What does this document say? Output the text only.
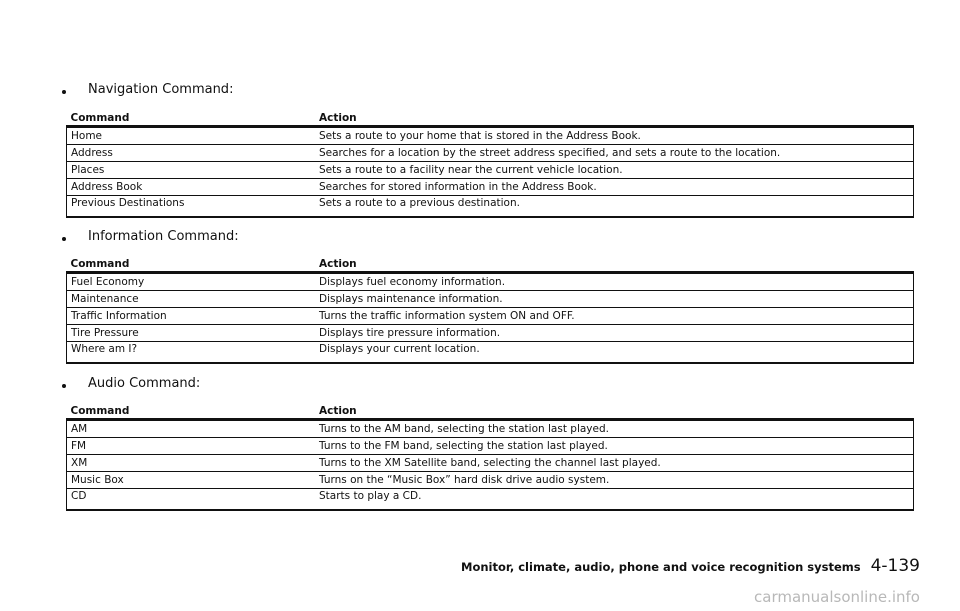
Navigation Command:
Command	Action
Home	Sets a route to your home that is stored in the Address Book.
Address	Searches for a location by the street address specified, and sets a route to the location.
Places	Sets a route to a facility near the current vehicle location.
Address Book	Searches for stored information in the Address Book.
Previous Destinations	Sets a route to a previous destination.
Information Command:
Command	Action
Fuel Economy	Displays fuel economy information.
Maintenance	Displays maintenance information.
Traffic Information	Turns the traffic information system ON and OFF.
Tire Pressure	Displays tire pressure information.
Where am I?	Displays your current location.
Audio Command:
Command	Action
AM	Turns to the AM band, selecting the station last played.
FM	Turns to the FM band, selecting the station last played.
XM	Turns to the XM Satellite band, selecting the channel last played.
Music Box	Turns on the “Music Box” hard disk drive audio system.
CD	Starts to play a CD.
Monitor, climate, audio, phone and voice recognition systems 4-139
carmanualsonline.info
